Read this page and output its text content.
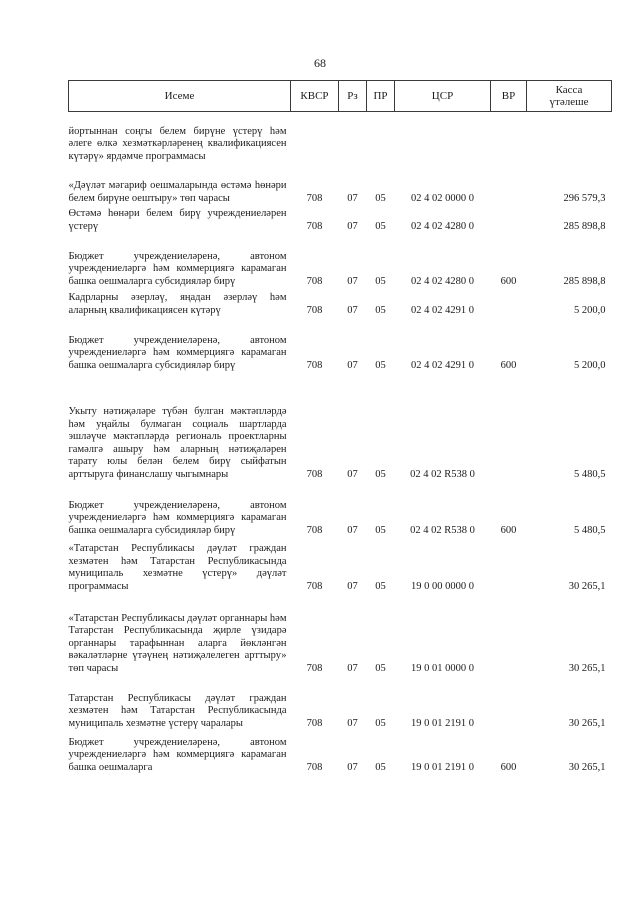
68
Исеме	КВСР	Рз	ПР	ЦСР	ВР	Касса
үтәлеше

йортыннан соңгы белем бирүне үстерү һәм әлеге өлкә хезмәткәрләренең квалификациясен күтәрү» ярдәмче программасы						
«Дәүләт мәгариф оешмаларында өстәмә һөнәри белем бирүне оештыру» төп чарасы	708	07	05	02 4 02 0000 0		296 579,3
Өстәмә һөнәри белем бирү учреждениеләрен үстерү	708	07	05	02 4 02 4280 0		285 898,8
Бюджет учреждениеләренә, автоном учреждениеләргә һәм коммерциягә карамаган башка оешмаларга субсидияләр бирү	708	07	05	02 4 02 4280 0	600	285 898,8
Кадрларны әзерләү, яңадан әзерләү һәм аларның квалификациясен күтәрү	708	07	05	02 4 02 4291 0		5 200,0
Бюджет учреждениеләренә, автоном учреждениеләргә һәм коммерциягә карамаган башка оешмаларга субсидияләр бирү	708	07	05	02 4 02 4291 0	600	5 200,0
Укыту нәтиҗәләре түбән булган мәктәпләрдә һәм уңайлы булмаган социаль шартларда эшләүче мәктәпләрдә региональ проектларны гамәлгә ашыру һәм аларның нәтиҗәләрен тарату юлы белән белем бирү сыйфатын арттыруга финанслашу чыгымнары	708	07	05	02 4 02 R538 0		5 480,5
Бюджет учреждениеләренә, автоном учреждениеләргә һәм коммерциягә карамаган башка оешмаларга субсидияләр бирү	708	07	05	02 4 02 R538 0	600	5 480,5
«Татарстан Республикасы дәүләт граждан хезмәтен һәм Татарстан Республикасында муниципаль хезмәтне үстерү» дәүләт программасы	708	07	05	19 0 00 0000 0		30 265,1
«Татарстан Республикасы дәүләт органнары һәм Татарстан Республикасында җирле үзидарә органнары тарафыннан аларга йөкләнгән вәкаләтләрне үтәүнең нәтиҗәлелеген арттыру» төп чарасы	708	07	05	19 0 01 0000 0		30 265,1
Татарстан Республикасы дәүләт граждан хезмәтен һәм Татарстан Республикасында муниципаль хезмәтне үстерү чаралары	708	07	05	19 0 01 2191 0		30 265,1
Бюджет учреждениеләренә, автоном учреждениеләргә һәм коммерциягә карамаган башка оешмаларга	708	07	05	19 0 01 2191 0	600	30 265,1
